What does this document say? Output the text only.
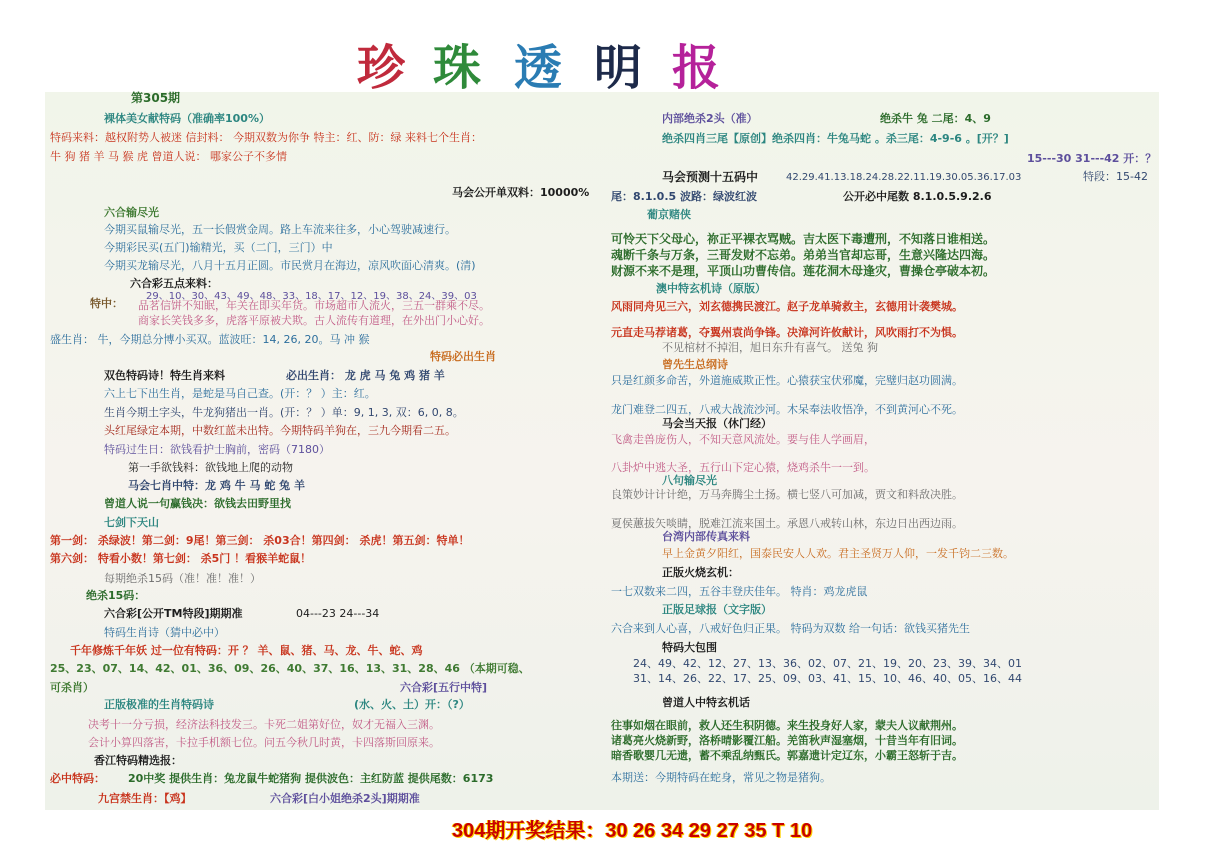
珍 珠 透 明 报
第305期
裸体美女献特码（准确率100%）
特码来料：越权附势人被迷 信封料： 今期双数为你争 特主：红、防：绿 来料七个生肖：
牛 狗 猪 羊 马 猴 虎 曾道人说： 哪家公子不多情
马会公开单双料：10000%
六合输尽光
今期买鼠输尽光，五一长假赏金周。路上车流来往多，小心驾驶减速行。
今期彩民买(五门)输精光，买（二门，三门）中
今期买龙输尽光，八月十五月正圆。市民赏月在海边，凉风吹面心清爽。(清)
六合彩五点来料：
29、10、30、43、49、48、33、18、17、12、19、38、24、39、03
特中： 品茗信饼不知眠，年关在即买年货。市场超市人流火，三五一群乘不尽。
商家长笑钱多多，虎落平原被犬欺。古人流传有道理，在外出门小心好。
盛生肖： 牛，今期总分博小买双。蓝波旺：14, 26, 20。马 冲 猴
特码必出生肖
双色特码诗！特生肖来料	必出生肖： 龙 虎 马 兔 鸡 猪 羊
六上七下出生肖，是蛇是马自己查。(开：？ ）主：红。
生肖今期土字头，牛龙狗猪出一肖。(开：？ ）单：9, 1, 3, 双：6, 0, 8。
头红尾绿定本期，中数红蓝未出特。今期特码羊狗在，三九今期看二五。
特码过生日：欲钱看护士胸前，密码（7180）
第一手欲钱料：欲钱地上爬的动物
马会七肖中特：龙 鸡 牛 马 蛇 兔 羊
曾道人说一句赢钱决：欲钱去田野里找
七剑下天山
第一剑： 杀绿波！第二剑：9尾！第三剑： 杀03合！第四剑： 杀虎！第五剑：特单！
第六剑： 特看小数！第七剑： 杀5门 ！看猴羊蛇鼠！
每期绝杀15码（准！准！准！）
绝杀15码：
六合彩[公开TM特段]期期准	04---23 24---34
特码生肖诗（猜中必中）
千年修炼千年妖 过一位有特码：开 ？ 羊、鼠、猪、马、龙、牛、蛇、鸡
25、23、07、14、42、01、36、09、26、40、37、16、13、31、28、46 （本期可稳、
可杀肖）	六合彩[五行中特]
正版极准的生肖特码诗	(水、火、土）开：（?）
决考十一分亏损，经济法科技发三。卡死二姐第好位，奴才无福入三渊。
会计小算四落害，卡拉手机额七位。问五今秋几时黄，卡四落斯回原来。
香江特码精选报：
必中特码： 20中奖 提供生肖：兔龙鼠牛蛇猪狗 提供波色：主红防蓝 提供尾数：6173
九宫禁生肖：【鸡】	六合彩[白小姐绝杀2头]期期准
内部绝杀2头（准）	绝杀牛 兔 二尾：4、9
绝杀四肖三尾【原创】绝杀四肖：牛兔马蛇 。杀三尾：4-9-6 。[开？]
15---30 31---42 开：？
马会预测十五码中	42.29.41.13.18.24.28.22.11.19.30.05.36.17.03	特段：15-42
尾：8.1.0.5 波路：绿波红波	公开必中尾数 8.1.0.5.9.2.6
葡京赌侠
可怜天下父母心，祢正平裸衣骂贼。吉太医下毒遭刑，不知落日谁相送。
魂断千条与万条，三哥发财不忘弟。弟弟当官却忘哥，生意兴隆达四海。
财源不来不是理，平顶山功曹传信。莲花洞木母逢灾，曹操仓亭破本初。
澳中特玄机诗（原版）
风雨同舟见三六，刘玄德携民渡江。赵子龙单骑救主，玄德用计袭樊城。
元直走马荐诸葛，夺翼州袁尚争锋。决漳河许攸献计，风吹雨打不为惧。
不见棺材不掉泪，旭日东升有喜气。 送兔 狗
曾先生总纲诗
只是红颜多命苦，外道施威欺正性。心猿获宝伏邪魔，完璧归赵功圆满。
龙门难登二四五，八戒大战流沙河。木呆奉法收悟净，不到黄河心不死。
马会当天报（休门经）
飞禽走兽庞伤人，不知天意风流处。要与佳人学画眉，
八卦炉中逃大圣，五行山下定心猿，烧鸡杀牛一一到。
八句输尽光
良策妙计计计绝，万马奔腾尘土扬。横七竖八可加减，贾文和料敌决胜。
夏侯蕙拔矢啖睛，脱难江流来国土。承恩八戒转山林，东边日出西边雨。
台湾内部传真来料
早上金黄夕阳红，国泰民安人人欢。君主圣贤万人仰，一发千钧二三数。
正版火烧玄机：
一七双数来二四，五谷丰登庆佳年。 特肖：鸡龙虎鼠
正版足球报（文字版）
六合来到人心喜，八戒好色归正果。 特码为双数 给一句话：欲钱买猪先生
特码大包围
24、49、42、12、27、13、36、02、07、21、19、20、23、39、34、01
31、14、26、22、17、25、09、03、41、15、10、46、40、05、16、44
曾道人中特玄机话
往事如烟在眼前，救人还生积阴德。来生投身好人家，蒙夫人议献荆州。
诸葛亮火烧新野，洛桥晴影覆江船。羌笛秋声湿塞烟，十昔当年有旧词。
暗香歌婴几无遗，蓄不乘乱纳甄氏。郭嘉遗计定辽东，小霸王怒斩于吉。
本期送：今期特码在蛇身，常见之物是猪狗。
304期开奖结果：30 26 34 29 27 35 T 10
